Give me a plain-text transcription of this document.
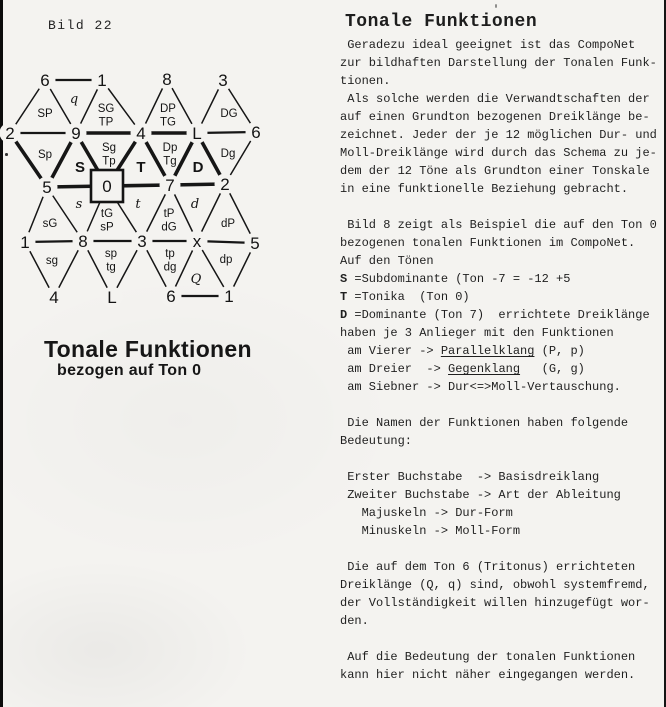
Bild 22
6	1	8	3
2	9	4	L	6
5	0	7	2
1	8	3	x	5
4	L	6	1
q
SP	SG TP
DP TG
DG
Sp
S
Sg Tp T
Dp Tg D
Dg
s
sG
tG sP
t
tP dG
d
dP
sg
sp tg
tp dg
dp
Q
Tonale Funktionen
bezogen auf Ton 0
Tonale Funktionen
Geradezu ideal geeignet ist das CompoNet
zur bildhaften Darstellung der Tonalen Funk-
tionen.
Als solche werden die Verwandtschaften der
auf einen Grundton bezogenen Dreiklänge be-
zeichnet. Jeder der je 12 möglichen Dur- und
Moll-Dreiklänge wird durch das Schema zu je-
dem der 12 Töne als Grundton einer Tonskale
in eine funktionelle Beziehung gebracht.

Bild 8 zeigt als Beispiel die auf den Ton 0
bezogenen tonalen Funktionen im CompoNet.
Auf den Tönen
S =Subdominante (Ton -7 = -12 +5
T =Tonika  (Ton 0)
D =Dominante (Ton 7)  errichtete Dreiklänge
haben je 3 Anlieger mit den Funktionen
am Vierer -> Parallelklang (P, p)
am Dreier  -> Gegenklang   (G, g)
am Siebner -> Dur<=>Moll-Vertauschung.

Die Namen der Funktionen haben folgende
Bedeutung:

Erster Buchstabe  -> Basisdreiklang
Zweiter Buchstabe -> Art der Ableitung
Majuskeln -> Dur-Form
Minuskeln -> Moll-Form

Die auf dem Ton 6 (Tritonus) errichteten
Dreiklänge (Q, q) sind, obwohl systemfremd,
der Vollständigkeit willen hinzugefügt wor-
den.

Auf die Bedeutung der tonalen Funktionen
kann hier nicht näher eingegangen werden.
